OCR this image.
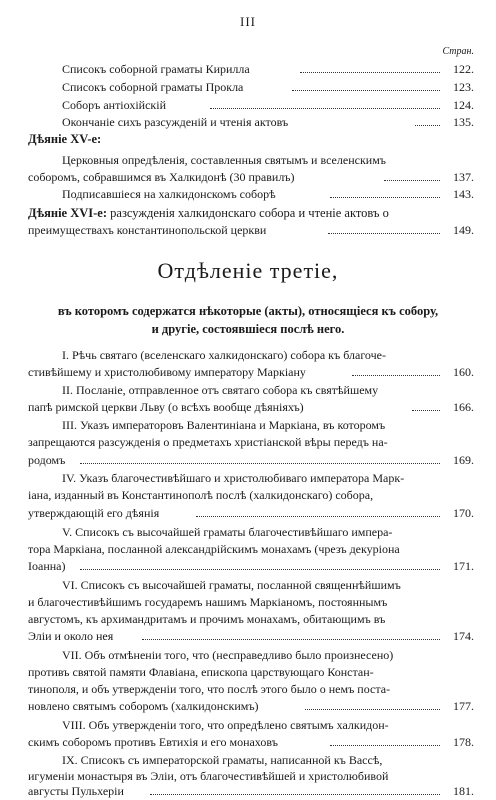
III
Стран.
Списокъ соборной граматы Кирилла	122.
Списокъ соборной граматы Прокла	123.
Соборъ антіохійскій	124.
Окончаніе сихъ разсужденій и чтенія актовъ	135.
Дѣяніе XV-е:
Церковныя опредѣленія, составленныя святымъ и вселенскимъ
соборомъ, собравшимся въ Халкидонѣ (30 правилъ)	137.
Подписавшіеся на халкидонскомъ соборѣ	143.
Дѣяніе XVI-е: разсужденія халкидонскаго собора и чтеніе актовъ о
преимуществахъ константинопольской церкви	149.
Отдѣленіе третіе,
въ которомъ содержатся нѣкоторые (акты), относящiеся къ собору,
и другіе, состоявшіеся послѣ него.
I. Рѣчь святаго (вселенскаго халкидонскаго) собора къ благоче-
стивѣйшему и христолюбивому императору Маркіану	160.
II. Посланіе, отправленное отъ святаго собора къ святѣйшему
папѣ римской церкви Льву (о всѣхъ вообще дѣяніяхъ)	166.
III. Указъ императоровъ Валентиніана и Маркіана, въ которомъ
запрещаются разсужденія о предметахъ христіанской вѣры передъ на-
родомъ	169.
IV. Указъ благочестивѣйшаго и христолюбиваго императора Марк-
іана, изданный въ Константинополѣ послѣ (халкидонскаго) собора,
утверждающій его дѣянія	170.
V. Списокъ съ высочайшей граматы благочестивѣйшаго импера-
тора Маркіана, посланной александрійскимъ монахамъ (чрезъ декурiона
Іоанна)	171.
VI. Списокъ съ высочайшей граматы, посланной священнѣйшимъ
и благочестивѣйшимъ государемъ нашимъ Маркіаномъ, постояннымъ
августомъ, къ архимандритамъ и прочимъ монахамъ, обитающимъ въ
Эліи и около нея	174.
VII. Объ отмѣненіи того, что (несправедливо было произнесено)
противъ святой памяти Флавіана, епископа царствующаго Констан-
тинополя, и объ утвержденіи того, что послѣ этого было о немъ поста-
новлено святымъ соборомъ (халкидонскимъ)	177.
VIII. Объ утвержденіи того, что опредѣлено святымъ халкидон-
скимъ соборомъ противъ Евтихія и его монаховъ	178.
IX. Списокъ съ императорской граматы, написанной къ Вассѣ,
игуменіи монастыря въ Эліи, отъ благочестивѣйшей и христолюбивой
августы Пульхеріи	181.
